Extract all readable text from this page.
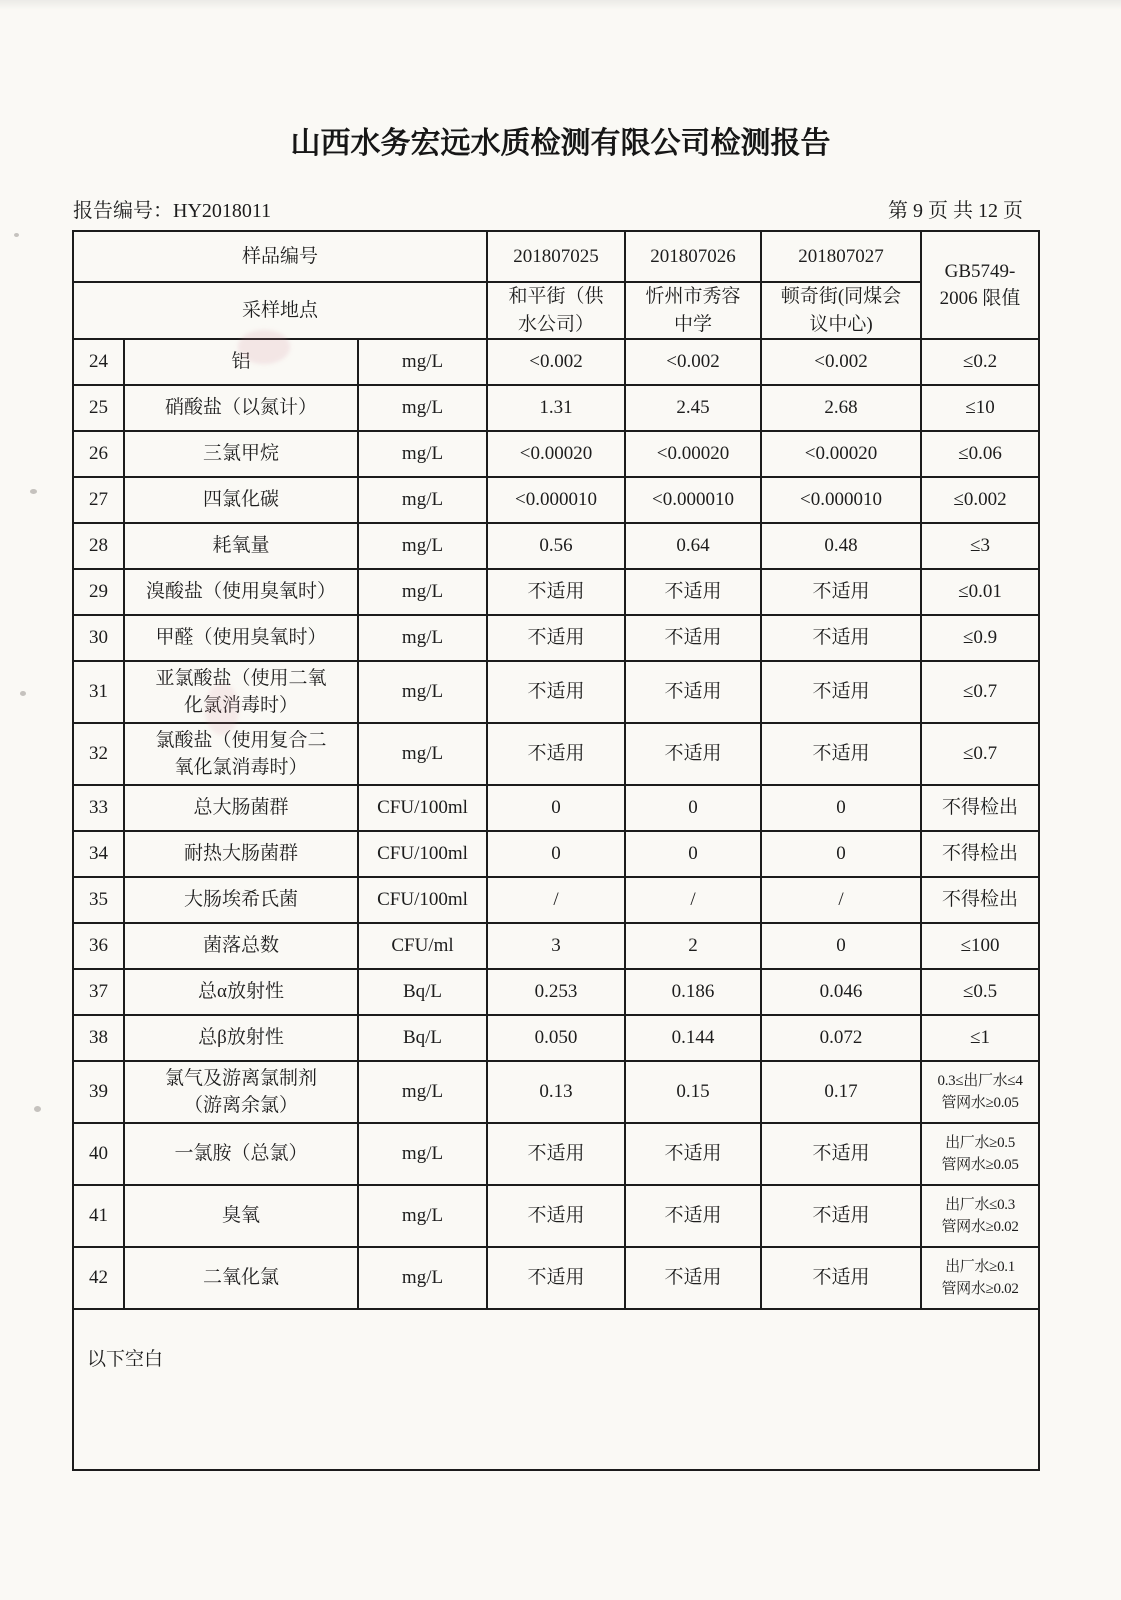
山西水务宏远水质检测有限公司检测报告
报告编号：HY2018011	第 9 页 共 12 页
样品编号			201807025	201807026	201807027	GB5749-
2006 限值
采样地点			和平街（供
水公司）	忻州市秀容
中学	顿奇街(同煤会
议中心)	
24	铝	mg/L	<0.002	<0.002	<0.002	≤0.2
25	硝酸盐（以氮计）	mg/L	1.31	2.45	2.68	≤10
26	三氯甲烷	mg/L	<0.00020	<0.00020	<0.00020	≤0.06
27	四氯化碳	mg/L	<0.000010	<0.000010	<0.000010	≤0.002
28	耗氧量	mg/L	0.56	0.64	0.48	≤3
29	溴酸盐（使用臭氧时）	mg/L	不适用	不适用	不适用	≤0.01
30	甲醛（使用臭氧时）	mg/L	不适用	不适用	不适用	≤0.9
31	亚氯酸盐（使用二氧
化氯消毒时）	mg/L	不适用	不适用	不适用	≤0.7
32	氯酸盐（使用复合二
氧化氯消毒时）	mg/L	不适用	不适用	不适用	≤0.7
33	总大肠菌群	CFU/100ml	0	0	0	不得检出
34	耐热大肠菌群	CFU/100ml	0	0	0	不得检出
35	大肠埃希氏菌	CFU/100ml	/	/	/	不得检出
36	菌落总数	CFU/ml	3	2	0	≤100
37	总α放射性	Bq/L	0.253	0.186	0.046	≤0.5
38	总β放射性	Bq/L	0.050	0.144	0.072	≤1
39	氯气及游离氯制剂
（游离余氯）	mg/L	0.13	0.15	0.17	0.3≤出厂水≤4
管网水≥0.05
40	一氯胺（总氯）	mg/L	不适用	不适用	不适用	出厂水≥0.5
管网水≥0.05
41	臭氧	mg/L	不适用	不适用	不适用	出厂水≤0.3
管网水≥0.02
42	二氧化氯	mg/L	不适用	不适用	不适用	出厂水≥0.1
管网水≥0.02
以下空白						
